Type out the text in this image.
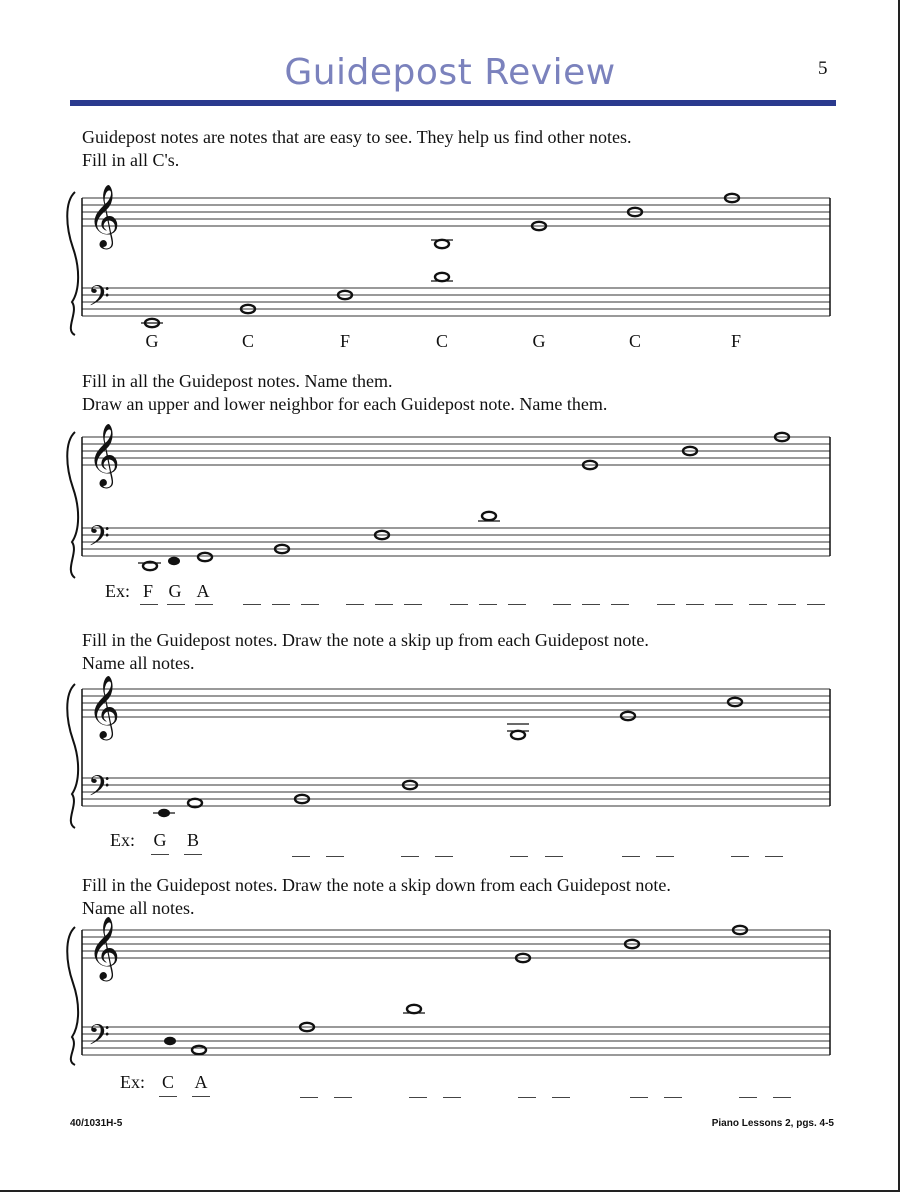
Guidepost Review	5
Guidepost notes are notes that are easy to see. They help us find other notes.
Fill in all C's.
𝄞
𝄢
G	C	F	C	G	C	F
Fill in all the Guidepost notes. Name them.
Draw an upper and lower neighbor for each Guidepost note. Name them.
𝄞
𝄢
Ex: F G A
Fill in the Guidepost notes. Draw the note a skip up from each Guidepost note.
Name all notes.
𝄞
𝄢
Ex: G B
Fill in the Guidepost notes. Draw the note a skip down from each Guidepost note.
Name all notes.
𝄞
𝄢
Ex: C A
40/1031H-5	Piano Lessons 2, pgs. 4-5
